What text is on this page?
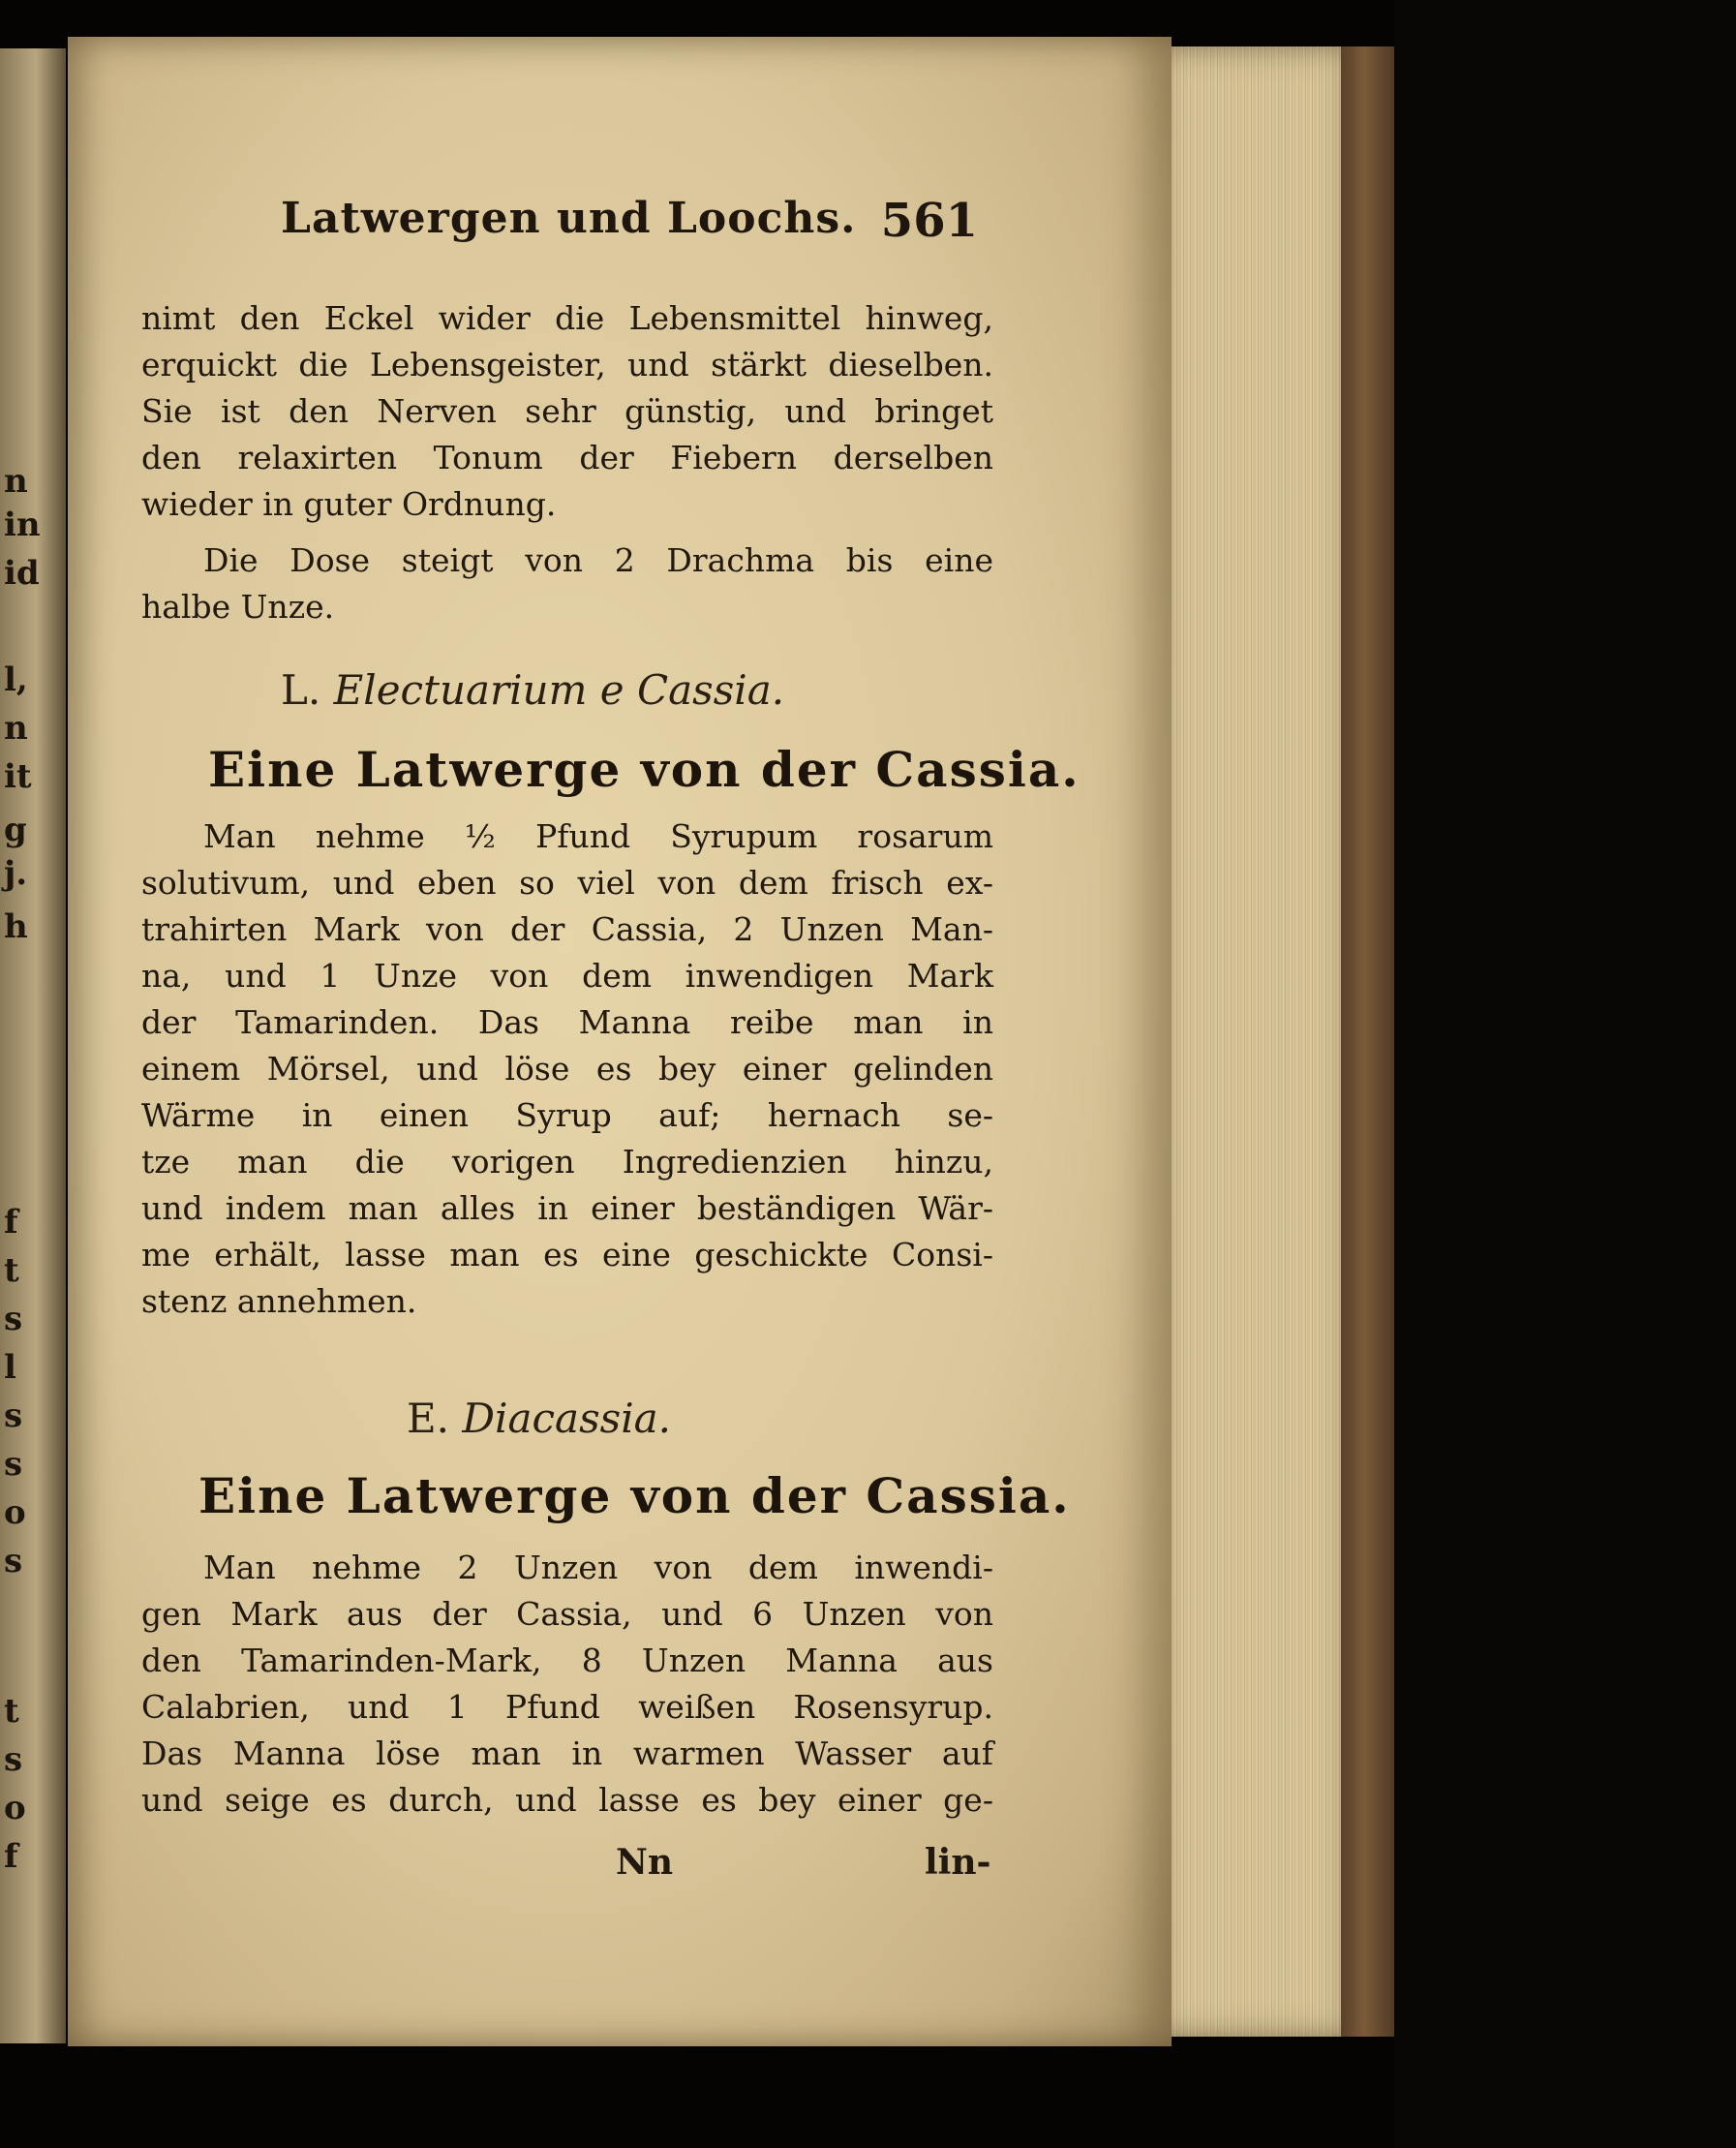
n
in
id
l,
n
it
g
j.
h
f
t
s
l
s
s
o
s
t
s
o
f
Latwergen und Loochs. 561
nimt den Eckel wider die Lebensmittel hinweg,
erquickt die Lebensgeister, und stärkt dieselben.
Sie ist den Nerven sehr günstig, und bringet
den relaxirten Tonum der Fiebern derselben
wieder in guter Ordnung.
Die Dose steigt von 2 Drachma bis eine
halbe Unze.
L. Electuarium e Cassia.
Eine Latwerge von der Cassia.
Man nehme ½ Pfund Syrupum rosarum
solutivum, und eben so viel von dem frisch ex-
trahirten Mark von der Cassia, 2 Unzen Man-
na, und 1 Unze von dem inwendigen Mark
der Tamarinden. Das Manna reibe man in
einem Mörsel, und löse es bey einer gelinden
Wärme in einen Syrup auf; hernach se-
tze man die vorigen Ingredienzien hinzu,
und indem man alles in einer beständigen Wär-
me erhält, lasse man es eine geschickte Consi-
stenz annehmen.
E. Diacassia.
Eine Latwerge von der Cassia.
Man nehme 2 Unzen von dem inwendi-
gen Mark aus der Cassia, und 6 Unzen von
den Tamarinden-Mark, 8 Unzen Manna aus
Calabrien, und 1 Pfund weißen Rosensyrup.
Das Manna löse man in warmen Wasser auf
und seige es durch, und lasse es bey einer ge-
Nn	lin-
